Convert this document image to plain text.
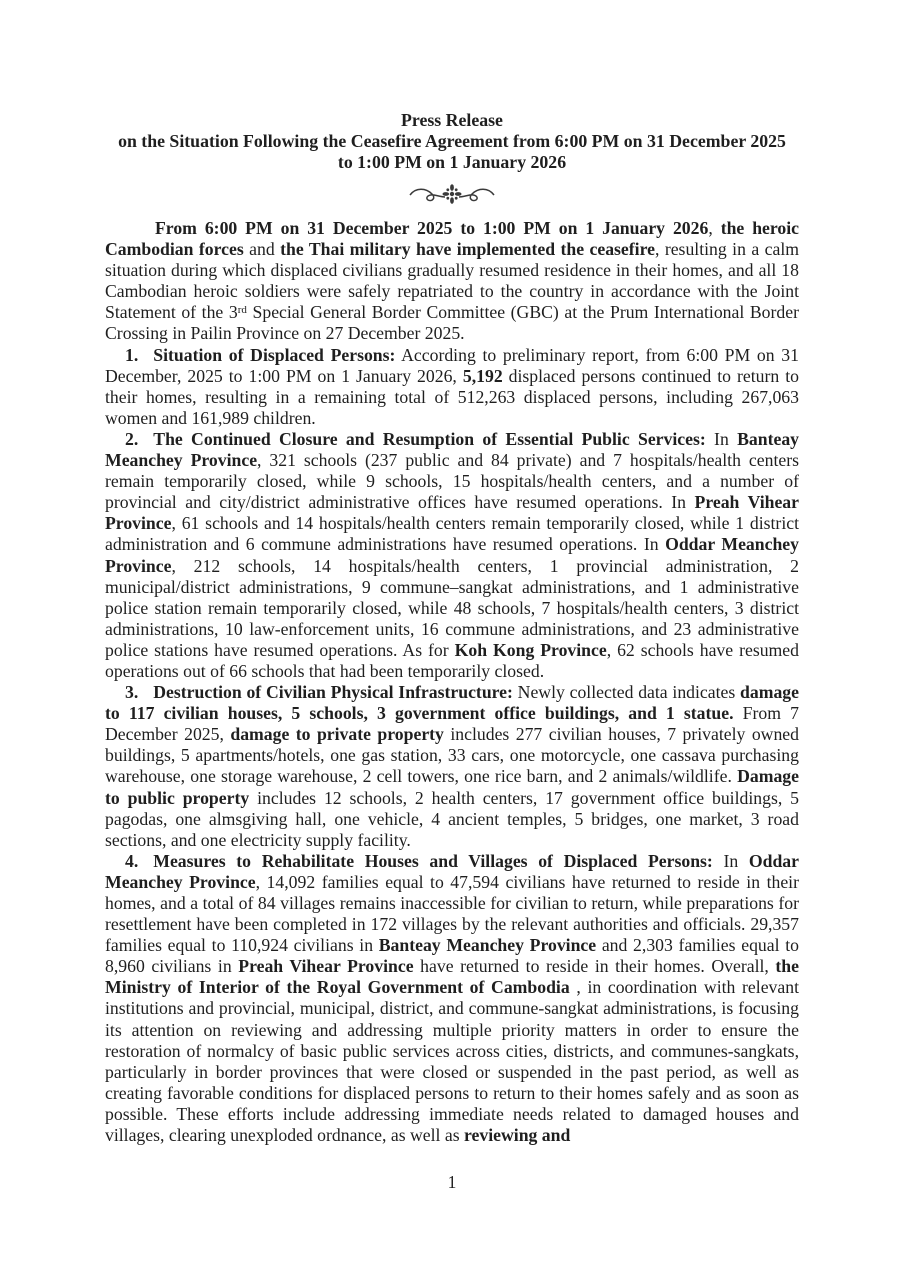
Press Release
on the Situation Following the Ceasefire Agreement from 6:00 PM on 31 December 2025
to 1:00 PM on 1 January 2026

From 6:00 PM on 31 December 2025 to 1:00 PM on 1 January 2026, the heroic Cambodian forces and the Thai military have implemented the ceasefire, resulting in a calm situation during which displaced civilians gradually resumed residence in their homes, and all 18 Cambodian heroic soldiers were safely repatriated to the country in accordance with the Joint Statement of the 3rd Special General Border Committee (GBC) at the Prum International Border Crossing in Pailin Province on 27 December 2025.

1. Situation of Displaced Persons: According to preliminary report, from 6:00 PM on 31 December, 2025 to 1:00 PM on 1 January 2026, 5,192 displaced persons continued to return to their homes, resulting in a remaining total of 512,263 displaced persons, including 267,063 women and 161,989 children.

2. The Continued Closure and Resumption of Essential Public Services: In Banteay Meanchey Province, 321 schools (237 public and 84 private) and 7 hospitals/health centers remain temporarily closed, while 9 schools, 15 hospitals/health centers, and a number of provincial and city/district administrative offices have resumed operations. In Preah Vihear Province, 61 schools and 14 hospitals/health centers remain temporarily closed, while 1 district administration and 6 commune administrations have resumed operations. In Oddar Meanchey Province, 212 schools, 14 hospitals/health centers, 1 provincial administration, 2 municipal/district administrations, 9 commune–sangkat administrations, and 1 administrative police station remain temporarily closed, while 48 schools, 7 hospitals/health centers, 3 district administrations, 10 law-enforcement units, 16 commune administrations, and 23 administrative police stations have resumed operations. As for Koh Kong Province, 62 schools have resumed operations out of 66 schools that had been temporarily closed.

3. Destruction of Civilian Physical Infrastructure: Newly collected data indicates damage to 117 civilian houses, 5 schools, 3 government office buildings, and 1 statue. From 7 December 2025, damage to private property includes 277 civilian houses, 7 privately owned buildings, 5 apartments/hotels, one gas station, 33 cars, one motorcycle, one cassava purchasing warehouse, one storage warehouse, 2 cell towers, one rice barn, and 2 animals/wildlife. Damage to public property includes 12 schools, 2 health centers, 17 government office buildings, 5 pagodas, one almsgiving hall, one vehicle, 4 ancient temples, 5 bridges, one market, 3 road sections, and one electricity supply facility.

4. Measures to Rehabilitate Houses and Villages of Displaced Persons: In Oddar Meanchey Province, 14,092 families equal to 47,594 civilians have returned to reside in their homes, and a total of 84 villages remains inaccessible for civilian to return, while preparations for resettlement have been completed in 172 villages by the relevant authorities and officials. 29,357 families equal to 110,924 civilians in Banteay Meanchey Province and 2,303 families equal to 8,960 civilians in Preah Vihear Province have returned to reside in their homes. Overall, the Ministry of Interior of the Royal Government of Cambodia , in coordination with relevant institutions and provincial, municipal, district, and commune-sangkat administrations, is focusing its attention on reviewing and addressing multiple priority matters in order to ensure the restoration of normalcy of basic public services across cities, districts, and communes-sangkats, particularly in border provinces that were closed or suspended in the past period, as well as creating favorable conditions for displaced persons to return to their homes safely and as soon as possible. These efforts include addressing immediate needs related to damaged houses and villages, clearing unexploded ordnance, as well as reviewing and

1
